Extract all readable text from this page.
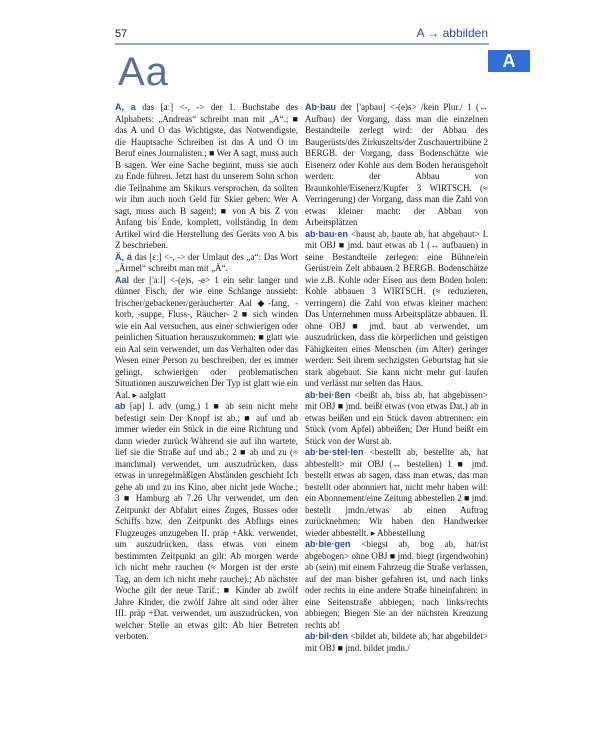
57	A → abbilden
A
Aa

A, a das [aː] <-, -> der 1. Buchstabe des Alphabets: „Andreas“ schreibt man mit „A“.; ■ das A und O das Wichtigste, das Notwendigste, die Hauptsache Schreiben ist das A und O im Beruf eines Journalisten.; ■ Wer A sagt, muss auch B sagen. Wer eine Sache beginnt, muss sie auch zu Ende führen. Jetzt hast du unserem Sohn schon die Teilnahme am Skikurs versprochen, da sollten wir ihm auch noch Geld für Skier geben: Wer A sagt, muss auch B sagen!; ■ von A bis Z von Anfang bis Ende, komplett, vollständig In dem Artikel wird die Herstellung des Geräts von A bis Z beschrieben.

Ä, ä das [ɛː] <-, -> der Umlaut des „a“: Das Wort „Ärmel“ schreibt man mit „Ä“.

Aal der ['aːl] <-(e)s, -e> 1 ein sehr langer und dünner Fisch, der wie eine Schlange aussieht: frischer/gebackener/geräucherter Aal ◆-fang, -korb, -suppe, Fluss-, Räucher- 2 ■ sich winden wie ein Aal versuchen, aus einer schwierigen oder peinlichen Situation herauszukommen; ■ glatt wie ein Aal sein verwendet, um das Verhalten oder das Wesen einer Person zu beschreiben, der es immer gelingt, schwierigen oder problematischen Situationen auszuweichen Der Typ ist glatt wie ein Aal. ▸ aalglatt

ab [ap] I. adv (umg.) 1 ■ ab sein nicht mehr befestigt sein Der Knopf ist ab.; ■ auf und ab immer wieder ein Stück in die eine Richtung und dann wieder zurück Während sie auf ihn wartete, lief sie die Straße auf und ab.; 2 ■ ab und zu (≈ manchmal) verwendet, um auszudrücken, dass etwas in unregelmäßigen Abständen geschieht Ich gehe ab und zu ins Kino, aber nicht jede Woche.; 3 ■ Hamburg ab 7.26 Uhr verwendet, um den Zeitpunkt der Abfahrt eines Zuges, Busses oder Schiffs bzw. den Zeitpunkt des Abflugs eines Flugzeuges anzugeben II. präp +Akk. verwendet, um auszudrücken, dass etwas von einem bestimmten Zeitpunkt an gilt: Ab morgen werde ich nicht mehr rauchen (≈ Morgen ist der erste Tag, an dem ich nicht mehr rauche).; Ab nächster Woche gilt der neue Tarif.; ■ Kinder ab zwölf Jahre Kinder, die zwölf Jahre alt sind oder älter III. präp +Dat. verwendet, um auszudrücken, von welcher Stelle an etwas gilt: Ab hier Betreten verboten.

Ab·bau der ['apbau] <-(e)s> /kein Plur./ 1 (↔ Aufbau) der Vorgang, dass man die einzelnen Bestandteile zerlegt wird: der Abbau des Baugerüsts/des Zirkuszelts/der Zuschauertribüne 2 BERGB. der Vorgang, dass Bodenschätze wie Eisenerz oder Kohle aus dem Boden herausgeholt werden: der Abbau von Braunkohle/Eisenerz/Kupfer 3 WIRTSCH. (≈ Verringerung) der Vorgang, dass man die Zahl von etwas kleiner macht: der Abbau von Arbeitsplätzen

ab·bau·en <baust ab, baute ab, hat abgebaut> I. mit OBJ ■ jmd. baut etwas ab 1 (↔ aufbauen) in seine Bestandteile zerlegen: eine Bühne/ein Gerüst/ein Zelt abbauen 2 BERGB. Bodenschätze wie z.B. Kohle oder Eisen aus dem Boden holen: Kohle abbauen 3 WIRTSCH. (≈ reduzieren, verringern) die Zahl von etwas kleiner machen: Das Unternehmen muss Arbeitsplätze abbauen. II. ohne OBJ ■ jmd. baut ab verwendet, um auszudrücken, dass die körperlichen und geistigen Fähigkeiten eines Menschen (im Alter) geringer werden: Seit ihrem sechzigsten Geburtstag hat sie stark abgebaut. Sie kann nicht mehr gut laufen und verlässt nur selten das Haus.

ab·bei·ßen <beißt ab, biss ab, hat abgebissen> mit OBJ ■ jmd. beißt etwas (von etwas Dat.) ab in etwas beißen und ein Stück davon abtrennen: ein Stück (vom Apfel) abbeißen; Der Hund beißt ein Stück von der Wurst ab.

ab·be·stel·len <bestellt ab, bestellte ab, hat abbestellt> mit OBJ (↔ bestellen) 1 ■ jmd. bestellt etwas ab sagen, dass man etwas, das man bestellt oder abonniert hat, nicht mehr haben will: ein Abonnement/eine Zeitung abbestellen 2 ■ jmd. bestellt jmdn./etwas ab einen Auftrag zurücknehmen: Wir haben den Handwerker wieder abbestellt. ▸ Abbestellung

ab·bie·gen <biegst ab, bog ab, hat/ist abgebogen> ohne OBJ ■ jmd. biegt (irgendwohin) ab (sein) mit einem Fahrzeug die Straße verlassen, auf der man bisher gefahren ist, und nach links oder rechts in eine andere Straße hineinfahren: in eine Seitenstraße abbiegen; nach links/rechts abbiegen; Biegen Sie an der nächsten Kreuzung rechts ab!

ab·bil·den <bildet ab, bildete ab, hat abgebildet> mit OBJ ■ jmd. bildet jmdn./
